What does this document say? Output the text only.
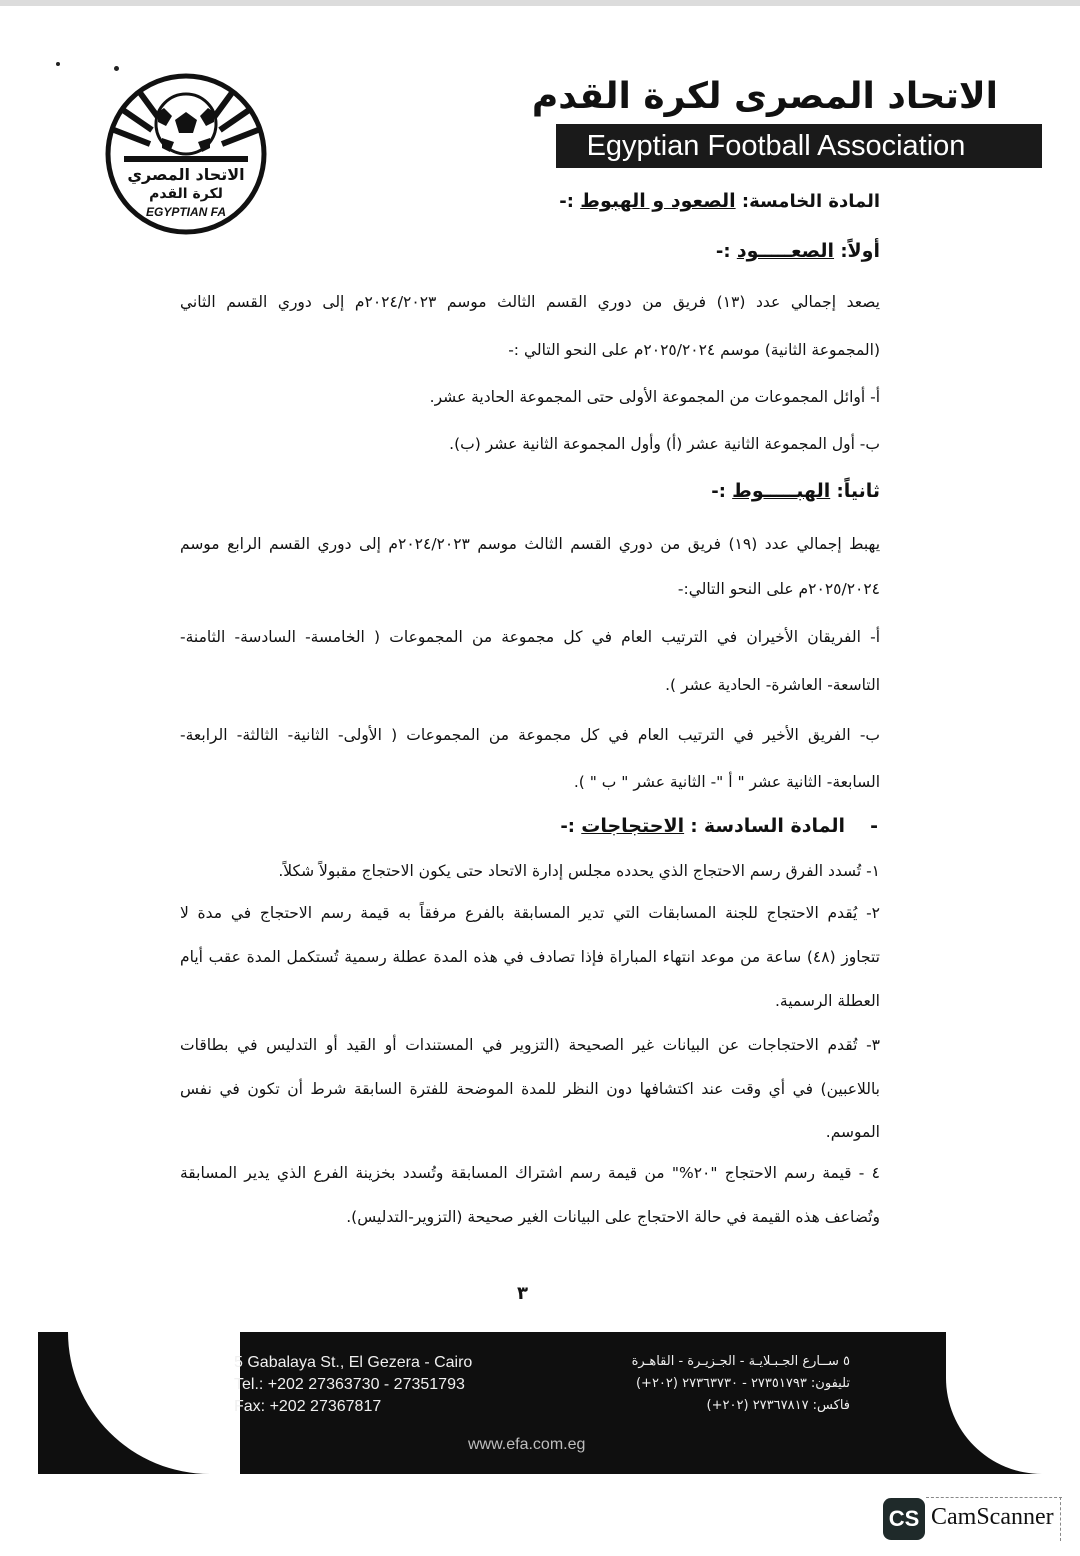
الاتحاد المصري
لكرة القدم
EGYPTIAN FA
الاتحاد المصرى لكرة القدم
Egyptian Football Association
المادة الخامسة: الصعود و الهبوط :-
أولاً: الصعـــــود :-
يصعد إجمالي عدد (١٣) فريق من دوري القسم الثالث موسم ٢٠٢٤/٢٠٢٣م إلى دوري القسم الثاني
(المجموعة الثانية) موسم ٢٠٢٥/٢٠٢٤م على النحو التالي :-
أ- أوائل المجموعات من المجموعة الأولى حتى المجموعة الحادية عشر.
ب- أول المجموعة الثانية عشر (أ) وأول المجموعة الثانية عشر (ب).
ثانياً: الهبـــــوط :-
يهبط إجمالي عدد (١٩) فريق من دوري القسم الثالث موسم ٢٠٢٤/٢٠٢٣م إلى دوري القسم الرابع موسم
٢٠٢٥/٢٠٢٤م على النحو التالي:-
أ- الفريقان الأخيران في الترتيب العام في كل مجموعة من المجموعات ( الخامسة- السادسة- الثامنة-
التاسعة- العاشرة- الحادية عشر ).
ب- الفريق الأخير في الترتيب العام في كل مجموعة من المجموعات ( الأولى- الثانية- الثالثة- الرابعة-
السابعة- الثانية عشر " أ "- الثانية عشر " ب " ).
-    المادة السادسة : الاحتجاجات :-
١- تُسدد الفرق رسم الاحتجاج الذي يحدده مجلس إدارة الاتحاد حتى يكون الاحتجاج مقبولاً شكلاً.
٢- يُقدم الاحتجاج للجنة المسابقات التي تدير المسابقة بالفرع مرفقاً به قيمة رسم الاحتجاج في مدة لا
تتجاوز (٤٨) ساعة من موعد انتهاء المباراة فإذا تصادف في هذه المدة عطلة رسمية تُستكمل المدة عقب أيام
العطلة الرسمية.
٣- تُقدم الاحتجاجات عن البيانات غير الصحيحة (التزوير في المستندات أو القيد أو التدليس في بطاقات
باللاعبين) في أي وقت عند اكتشافها دون النظر للمدة الموضحة للفترة السابقة شرط أن تكون في نفس
الموسم.
٤ - قيمة رسم الاحتجاج "٢٠%" من قيمة رسم اشتراك المسابقة وتُسدد بخزينة الفرع الذي يدير المسابقة
وتُضاعف هذه القيمة في حالة الاحتجاج على البيانات الغير صحيحة (التزوير-التدليس).
٣
5 Gabalaya St., El Gezera - Cairo
Tel.: +202 27363730 - 27351793
Fax: +202 27367817
٥ ســارع الجـبـلايـة - الجـزيـرة - القاهـرة
تليفون: ٢٧٣٥١٧٩٣ - ٢٧٣٦٣٧٣٠ (٢٠٢+)
فاكس: ٢٧٣٦٧٨١٧ (٢٠٢+)
www.efa.com.eg
CS CamScanner
